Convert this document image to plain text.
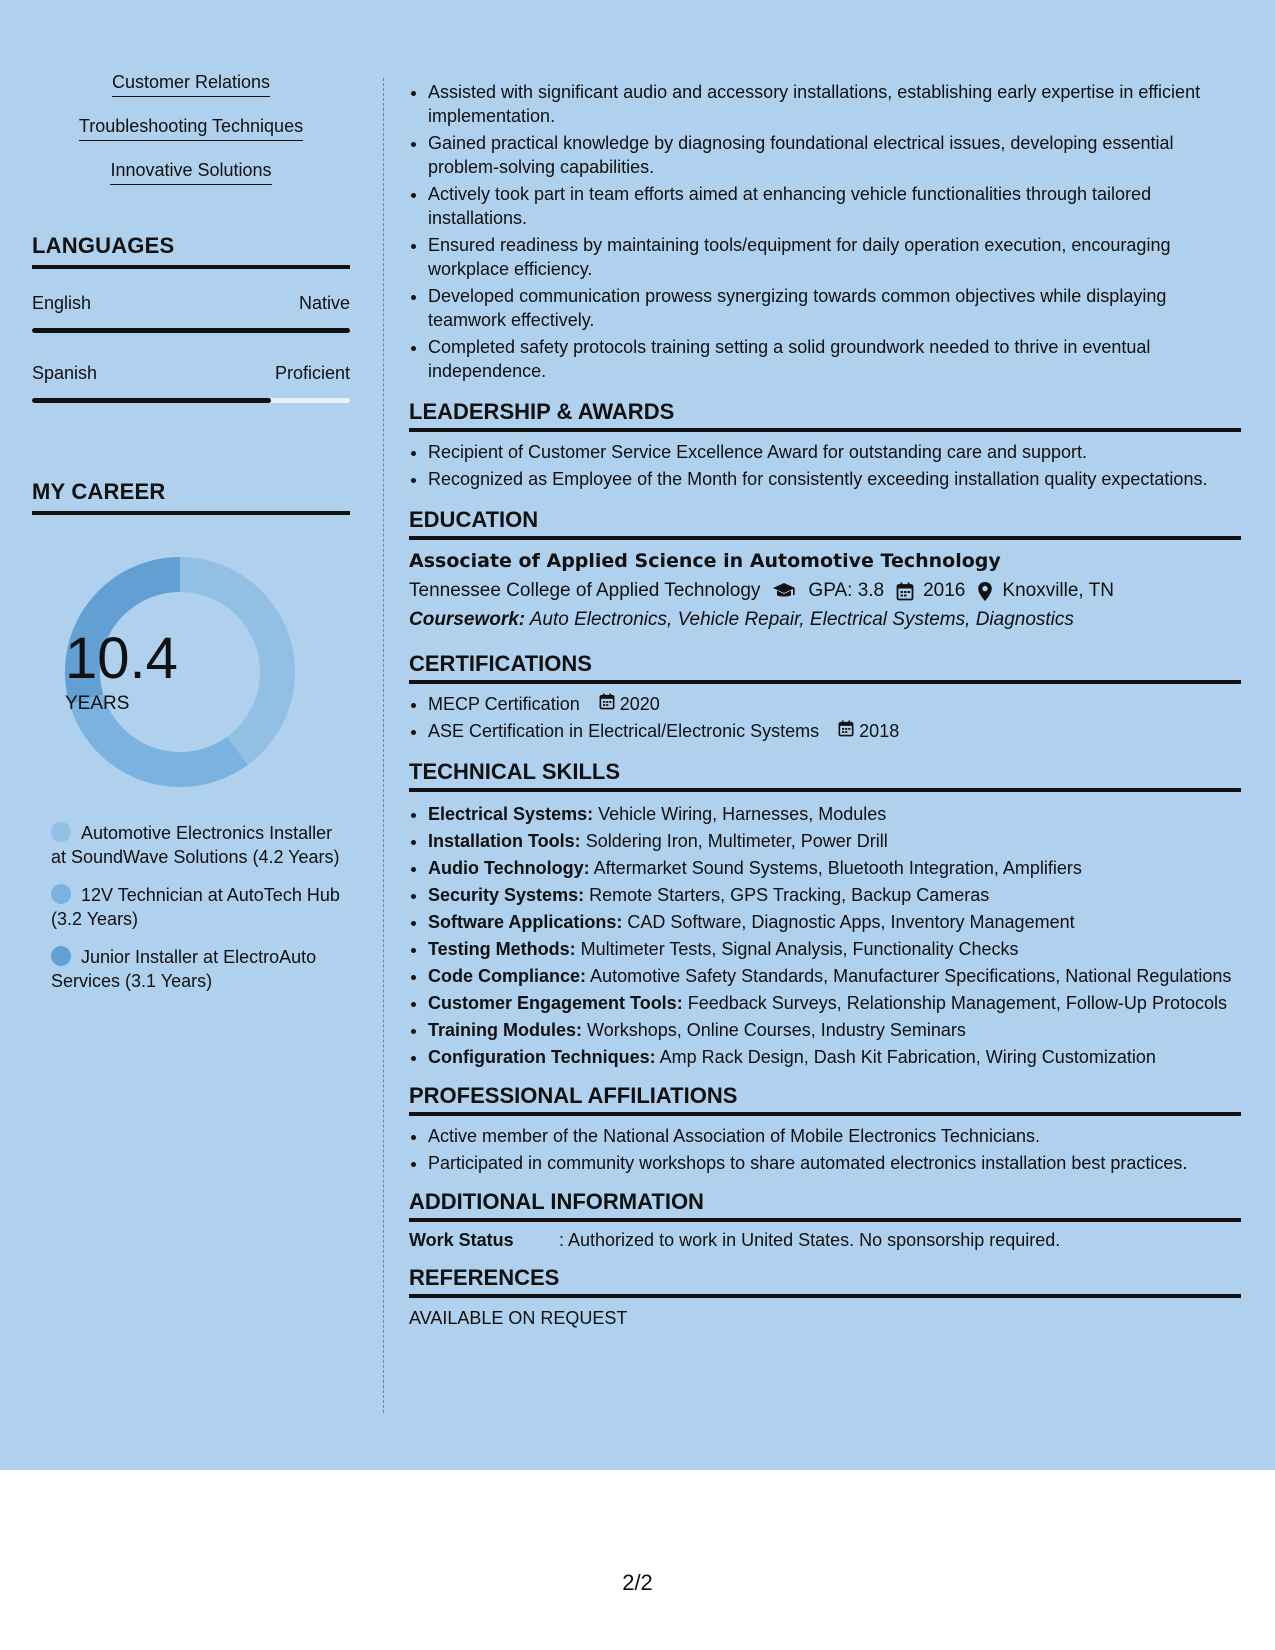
Customer Relations
Troubleshooting Techniques
Innovative Solutions
LANGUAGES
English	Native
Spanish	Proficient
MY CAREER
10.4
YEARS
Automotive Electronics Installer at SoundWave Solutions (4.2 Years)
12V Technician at AutoTech Hub (3.2 Years)
Junior Installer at ElectroAuto Services (3.1 Years)
• Assisted with significant audio and accessory installations, establishing early expertise in efficient implementation.
• Gained practical knowledge by diagnosing foundational electrical issues, developing essential problem-solving capabilities.
• Actively took part in team efforts aimed at enhancing vehicle functionalities through tailored installations.
• Ensured readiness by maintaining tools/equipment for daily operation execution, encouraging workplace efficiency.
• Developed communication prowess synergizing towards common objectives while displaying teamwork effectively.
• Completed safety protocols training setting a solid groundwork needed to thrive in eventual independence.
LEADERSHIP & AWARDS
• Recipient of Customer Service Excellence Award for outstanding care and support.
• Recognized as Employee of the Month for consistently exceeding installation quality expectations.
EDUCATION
Associate of Applied Science in Automotive Technology
Tennessee College of Applied Technology	GPA: 3.8 2016 Knoxville, TN
Coursework: Auto Electronics, Vehicle Repair, Electrical Systems, Diagnostics
CERTIFICATIONS
• MECP Certification 2020
• ASE Certification in Electrical/Electronic Systems 2018
TECHNICAL SKILLS
• Electrical Systems: Vehicle Wiring, Harnesses, Modules
• Installation Tools: Soldering Iron, Multimeter, Power Drill
• Audio Technology: Aftermarket Sound Systems, Bluetooth Integration, Amplifiers
• Security Systems: Remote Starters, GPS Tracking, Backup Cameras
• Software Applications: CAD Software, Diagnostic Apps, Inventory Management
• Testing Methods: Multimeter Tests, Signal Analysis, Functionality Checks
• Code Compliance: Automotive Safety Standards, Manufacturer Specifications, National Regulations
• Customer Engagement Tools: Feedback Surveys, Relationship Management, Follow-Up Protocols
• Training Modules: Workshops, Online Courses, Industry Seminars
• Configuration Techniques: Amp Rack Design, Dash Kit Fabrication, Wiring Customization
PROFESSIONAL AFFILIATIONS
• Active member of the National Association of Mobile Electronics Technicians.
• Participated in community workshops to share automated electronics installation best practices.
ADDITIONAL INFORMATION
Work Status	: Authorized to work in United States. No sponsorship required.
REFERENCES
AVAILABLE ON REQUEST
2/2
